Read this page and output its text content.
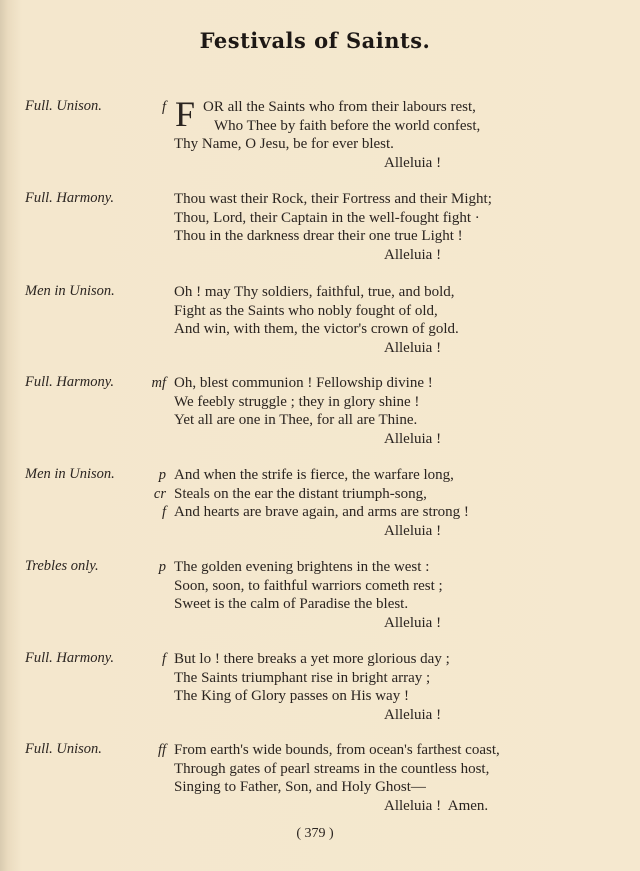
Festivals of Saints.
Full. Unison.	f F OR all the Saints who from their labours rest,
Who Thee by faith before the world confest,
Thy Name, O Jesu, be for ever blest.
Alleluia !
Full. Harmony.	Thou wast their Rock, their Fortress and their Might;
Thou, Lord, their Captain in the well-fought fight ·
Thou in the darkness drear their one true Light !
Alleluia !
Men in Unison.	Oh ! may Thy soldiers, faithful, true, and bold,
Fight as the Saints who nobly fought of old,
And win, with them, the victor's crown of gold.
Alleluia !
Full. Harmony.	mf Oh, blest communion ! Fellowship divine !
We feebly struggle ; they in glory shine !
Yet all are one in Thee, for all are Thine.
Alleluia !
Men in Unison.	p And when the strife is fierce, the warfare long,
cr Steals on the ear the distant triumph-song,
f And hearts are brave again, and arms are strong !
Alleluia !
Trebles only.	p The golden evening brightens in the west :
Soon, soon, to faithful warriors cometh rest ;
Sweet is the calm of Paradise the blest.
Alleluia !
Full. Harmony.	f But lo ! there breaks a yet more glorious day ;
The Saints triumphant rise in bright array ;
The King of Glory passes on His way !
Alleluia !
Full. Unison.	ff From earth's wide bounds, from ocean's farthest coast,
Through gates of pearl streams in the countless host,
Singing to Father, Son, and Holy Ghost—
Alleluia !  Amen.
( 379 )
